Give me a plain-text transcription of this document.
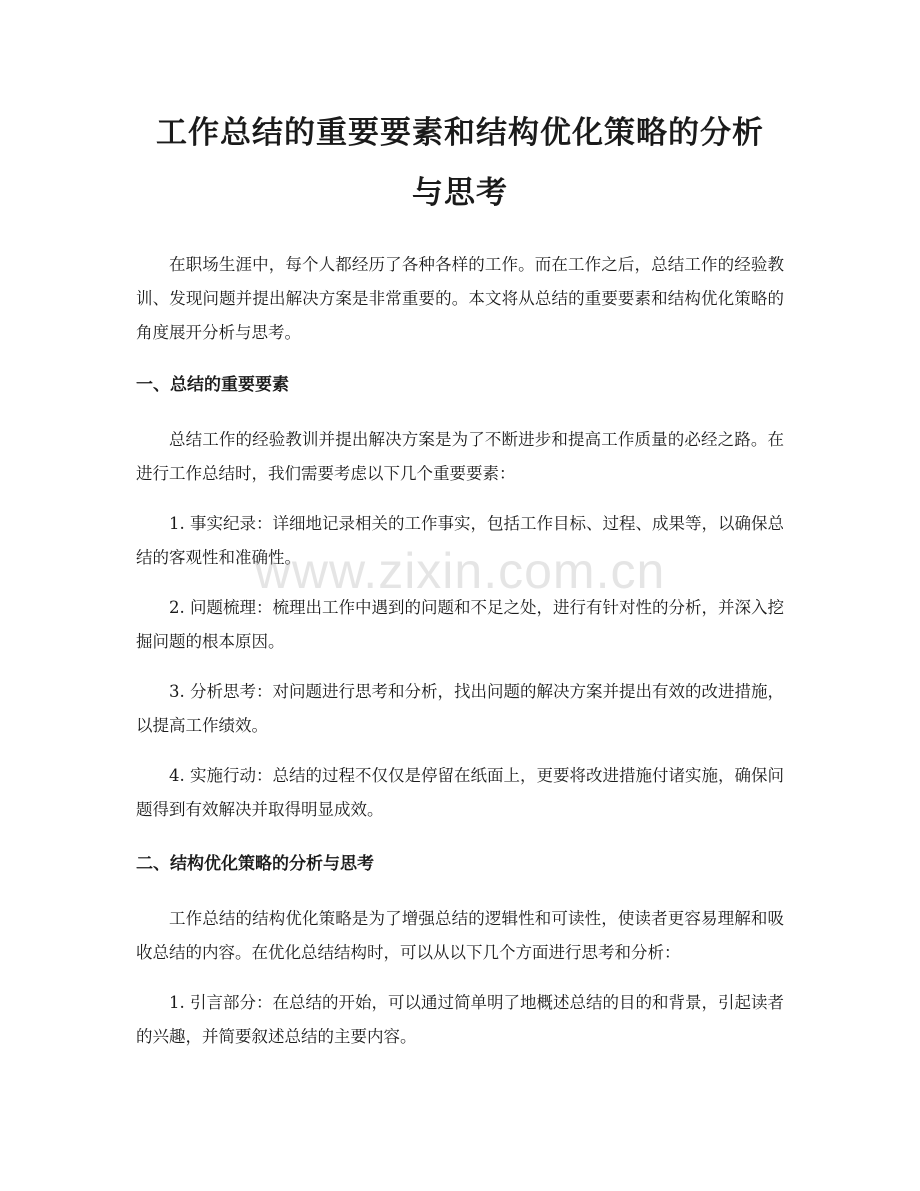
工作总结的重要要素和结构优化策略的分析
与思考

在职场生涯中，每个人都经历了各种各样的工作。而在工作之后，总结工作的经验教训、发现问题并提出解决方案是非常重要的。本文将从总结的重要要素和结构优化策略的角度展开分析与思考。

一、总结的重要要素

总结工作的经验教训并提出解决方案是为了不断进步和提高工作质量的必经之路。在进行工作总结时，我们需要考虑以下几个重要要素：

1. 事实纪录：详细地记录相关的工作事实，包括工作目标、过程、成果等，以确保总结的客观性和准确性。

2. 问题梳理：梳理出工作中遇到的问题和不足之处，进行有针对性的分析，并深入挖掘问题的根本原因。

3. 分析思考：对问题进行思考和分析，找出问题的解决方案并提出有效的改进措施，以提高工作绩效。

4. 实施行动：总结的过程不仅仅是停留在纸面上，更要将改进措施付诸实施，确保问题得到有效解决并取得明显成效。

二、结构优化策略的分析与思考

工作总结的结构优化策略是为了增强总结的逻辑性和可读性，使读者更容易理解和吸收总结的内容。在优化总结结构时，可以从以下几个方面进行思考和分析：

1. 引言部分：在总结的开始，可以通过简单明了地概述总结的目的和背景，引起读者的兴趣，并简要叙述总结的主要内容。

www.zixin.com.cn
